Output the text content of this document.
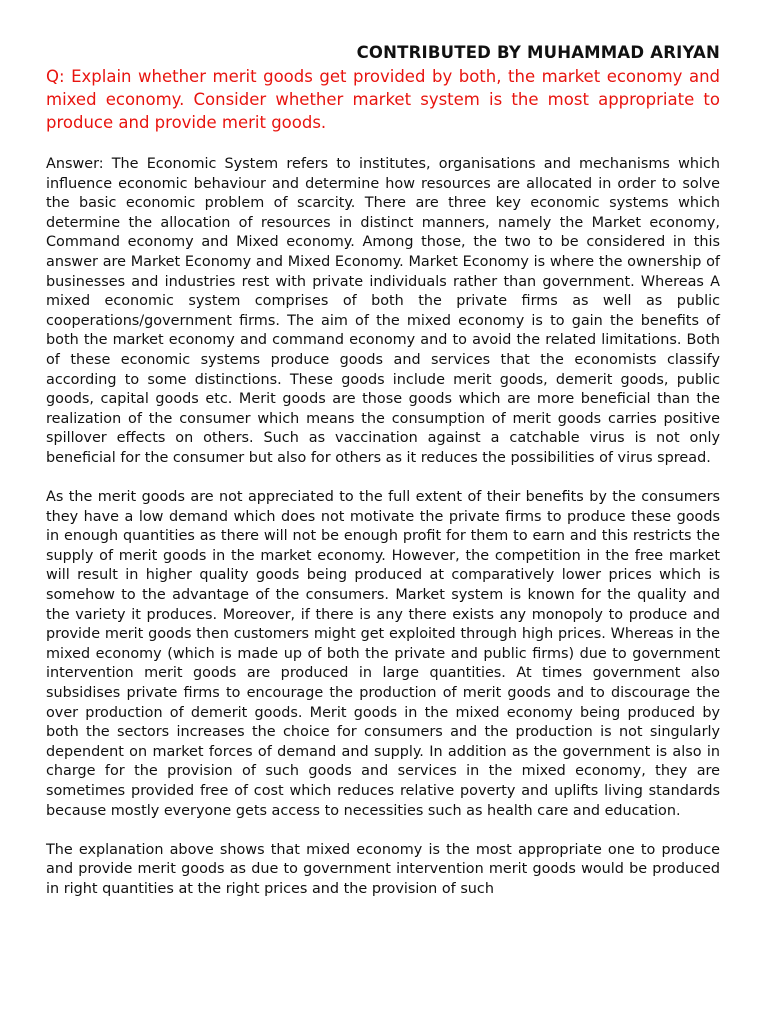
CONTRIBUTED BY MUHAMMAD ARIYAN

Q: Explain whether merit goods get provided by both, the market economy and mixed economy. Consider whether market system is the most appropriate to produce and provide merit goods.

Answer: The Economic System refers to institutes, organisations and mechanisms which influence economic behaviour and determine how resources are allocated in order to solve the basic economic problem of scarcity. There are three key economic systems which determine the allocation of resources in distinct manners, namely the Market economy, Command economy and Mixed economy. Among those, the two to be considered in this answer are Market Economy and Mixed Economy. Market Economy is where the ownership of businesses and industries rest with private individuals rather than government. Whereas A mixed economic system comprises of both the private firms as well as public cooperations/government firms. The aim of the mixed economy is to gain the benefits of both the market economy and command economy and to avoid the related limitations. Both of these economic systems produce goods and services that the economists classify according to some distinctions. These goods include merit goods, demerit goods, public goods, capital goods etc. Merit goods are those goods which are more beneficial than the realization of the consumer which means the consumption of merit goods carries positive spillover effects on others. Such as vaccination against a catchable virus is not only beneficial for the consumer but also for others as it reduces the possibilities of virus spread.

As the merit goods are not appreciated to the full extent of their benefits by the consumers they have a low demand which does not motivate the private firms to produce these goods in enough quantities as there will not be enough profit for them to earn and this restricts the supply of merit goods in the market economy. However, the competition in the free market will result in higher quality goods being produced at comparatively lower prices which is somehow to the advantage of the consumers. Market system is known for the quality and the variety it produces. Moreover, if there is any there exists any monopoly to produce and provide merit goods then customers might get exploited through high prices. Whereas in the mixed economy (which is made up of both the private and public firms) due to government intervention merit goods are produced in large quantities. At times government also subsidises private firms to encourage the production of merit goods and to discourage the over production of demerit goods. Merit goods in the mixed economy being produced by both the sectors increases the choice for consumers and the production is not singularly dependent on market forces of demand and supply. In addition as the government is also in charge for the provision of such goods and services in the mixed economy, they are sometimes provided free of cost which reduces relative poverty and uplifts living standards because mostly everyone gets access to necessities such as health care and education.

The explanation above shows that mixed economy is the most appropriate one to produce and provide merit goods as due to government intervention merit goods would be produced in right quantities at the right prices and the provision of such
